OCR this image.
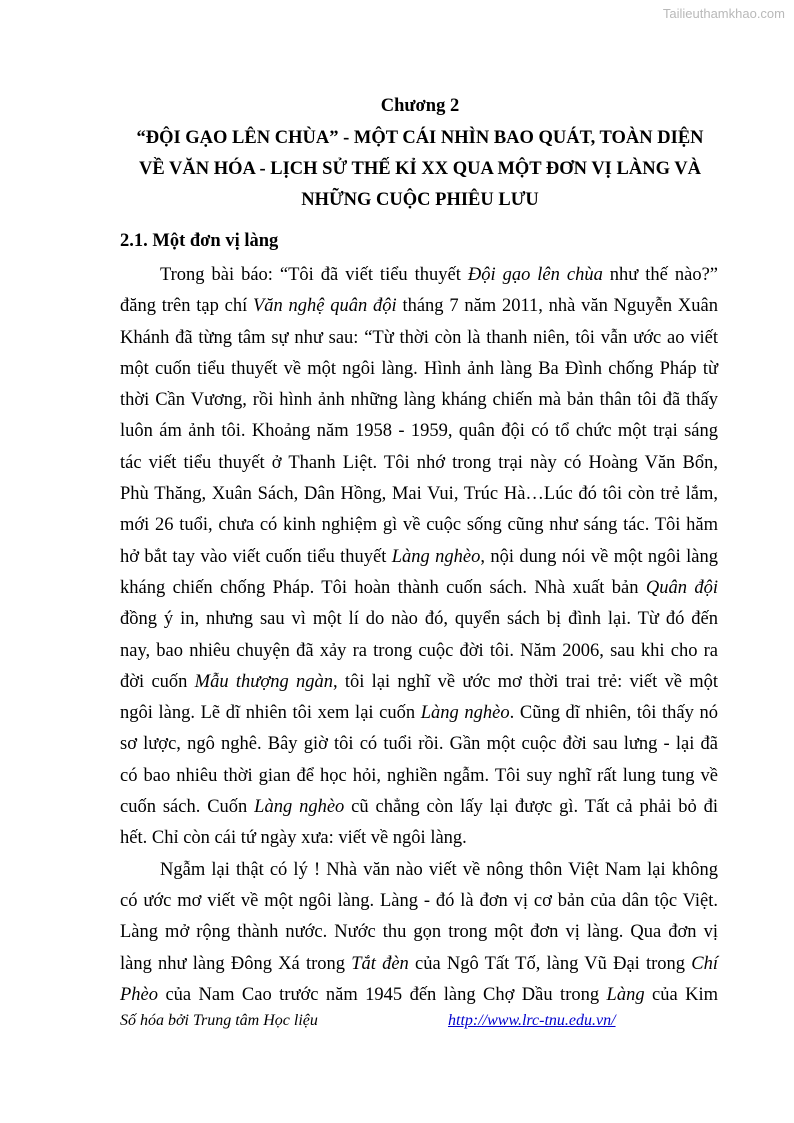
Tailieuthamkhao.com
Chương 2
“ĐỘI GẠO LÊN CHÙA” - MỘT CÁI NHÌN BAO QUÁT, TOÀN DIỆN
VỀ VĂN HÓA - LỊCH SỬ THẾ KỈ XX QUA MỘT ĐƠN VỊ LÀNG VÀ
NHỮNG CUỘC PHIÊU LƯU
2.1. Một đơn vị làng
Trong bài báo: “Tôi đã viết tiểu thuyết Đội gạo lên chùa như thế nào?”
đăng trên tạp chí Văn nghệ quân đội tháng 7 năm 2011, nhà văn Nguyễn Xuân
Khánh đã từng tâm sự như sau: “Từ thời còn là thanh niên, tôi vẫn ước ao viết
một cuốn tiểu thuyết về một ngôi làng. Hình ảnh làng Ba Đình chống Pháp từ
thời Cần Vương, rồi hình ảnh những làng kháng chiến mà bản thân tôi đã thấy
luôn ám ảnh tôi. Khoảng năm 1958 - 1959, quân đội có tổ chức một trại sáng
tác viết tiểu thuyết ở Thanh Liệt. Tôi nhớ trong trại này có Hoàng Văn Bổn,
Phù Thăng, Xuân Sách, Dân Hồng, Mai Vui, Trúc Hà…Lúc đó tôi còn trẻ lắm,
mới 26 tuổi, chưa có kinh nghiệm gì về cuộc sống cũng như sáng tác. Tôi hăm
hở bắt tay vào viết cuốn tiểu thuyết Làng nghèo, nội dung nói về một ngôi làng
kháng chiến chống Pháp. Tôi hoàn thành cuốn sách. Nhà xuất bản Quân đội
đồng ý in, nhưng sau vì một lí do nào đó, quyển sách bị đình lại. Từ đó đến
nay, bao nhiêu chuyện đã xảy ra trong cuộc đời tôi. Năm 2006, sau khi cho ra
đời cuốn Mẫu thượng ngàn, tôi lại nghĩ về ước mơ thời trai trẻ: viết về một
ngôi làng. Lẽ dĩ nhiên tôi xem lại cuốn Làng nghèo. Cũng dĩ nhiên, tôi thấy nó
sơ lược, ngô nghê. Bây giờ tôi có tuổi rồi. Gần một cuộc đời sau lưng - lại đã
có bao nhiêu thời gian để học hỏi, nghiền ngẫm. Tôi suy nghĩ rất lung tung về
cuốn sách. Cuốn Làng nghèo cũ chẳng còn lấy lại được gì. Tất cả phải bỏ đi
hết. Chỉ còn cái tứ ngày xưa: viết về ngôi làng.
Ngẫm lại thật có lý ! Nhà văn nào viết về nông thôn Việt Nam lại không
có ước mơ viết về một ngôi làng. Làng - đó là đơn vị cơ bản của dân tộc Việt.
Làng mở rộng thành nước. Nước thu gọn trong một đơn vị làng. Qua đơn vị
làng như làng Đông Xá trong Tắt đèn của Ngô Tất Tố, làng Vũ Đại trong Chí
Phèo của Nam Cao trước năm 1945 đến làng Chợ Dầu trong Làng của Kim
Số hóa bởi Trung tâm Học liệu	http://www.lrc-tnu.edu.vn/
